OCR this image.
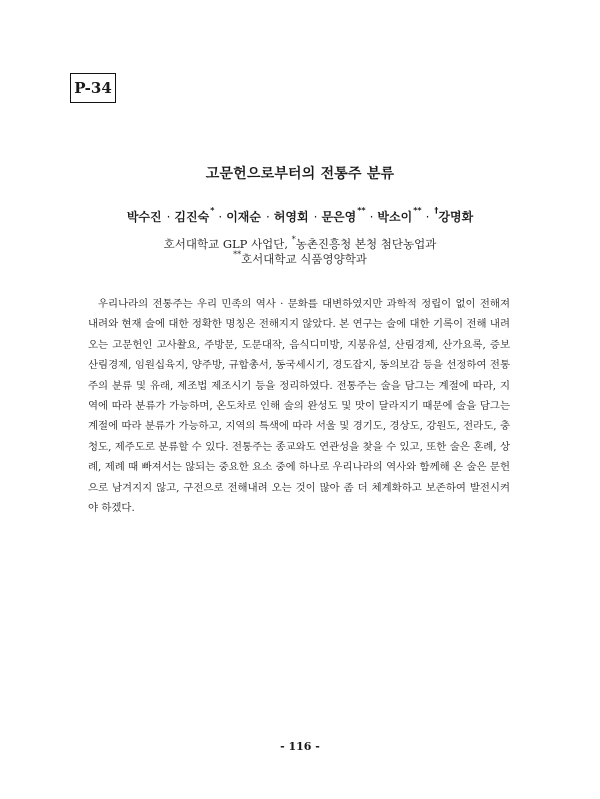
P-34
고문헌으로부터의 전통주 분류
박수진 · 김진숙* · 이재순 · 허영회 · 문은영** · 박소이** · †강명화
호서대학교 GLP 사업단, *농촌진흥청 본청 첨단농업과
**호서대학교 식품영양학과

우리나라의 전통주는 우리 민족의 역사 · 문화를 대변하였지만 과학적 정립이 없이 전해져 내려와 현재 술에 대한 정확한 명칭은 전해지지 않았다. 본 연구는 술에 대한 기록이 전해 내려오는 고문헌인 고사촬요, 주방문, 도문대작, 음식디미방, 지봉유설, 산림경제, 산가요록, 증보산림경제, 임원십육지, 양주방, 규합총서, 동국세시기, 경도잡지, 동의보감 등을 선정하여 전통주의 분류 및 유래, 제조법 제조시기 등을 정리하였다. 전통주는 술을 담그는 계절에 따라, 지역에 따라 분류가 가능하며, 온도차로 인해 술의 완성도 및 맛이 달라지기 때문에 술을 담그는 계절에 따라 분류가 가능하고, 지역의 특색에 따라 서울 및 경기도, 경상도, 강원도, 전라도, 충청도, 제주도로 분류할 수 있다. 전통주는 종교와도 연관성을 찾을 수 있고, 또한 술은 혼례, 상례, 제례 때 빠져서는 않되는 중요한 요소 중에 하나로 우리나라의 역사와 함께해 온 술은 문헌으로 남겨지지 않고, 구전으로 전해내려 오는 것이 많아 좀 더 체계화하고 보존하여 발전시켜야 하겠다.

- 116 -
